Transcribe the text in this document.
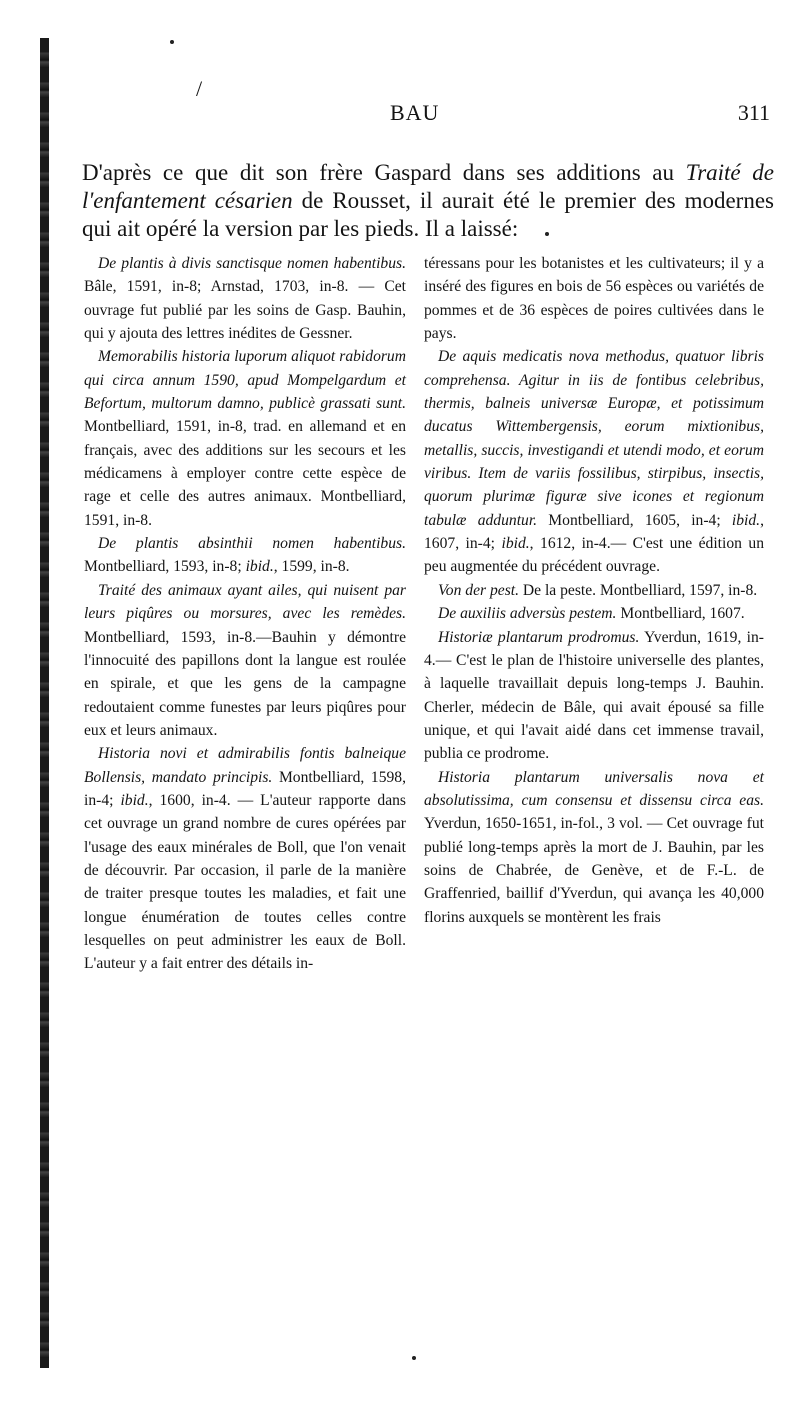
/
BAU	311

D'après ce que dit son frère Gaspard dans ses additions au Traité de l'enfantement césarien de Rousset, il aurait été le premier des modernes qui ait opéré la version par les pieds. Il a laissé:

De plantis à divis sanctisque nomen habentibus. Bâle, 1591, in-8; Arnstad, 1703, in-8. — Cet ouvrage fut publié par les soins de Gasp. Bauhin, qui y ajouta des lettres inédites de Gessner.

Memorabilis historia luporum aliquot rabidorum qui circa annum 1590, apud Mompelgardum et Befortum, multorum damno, publicè grassati sunt. Montbelliard, 1591, in-8, trad. en allemand et en français, avec des additions sur les secours et les médicamens à employer contre cette espèce de rage et celle des autres animaux. Montbelliard, 1591, in-8.

De plantis absinthii nomen habentibus. Montbelliard, 1593, in-8; ibid., 1599, in-8.

Traité des animaux ayant ailes, qui nuisent par leurs piqûres ou morsures, avec les remèdes. Montbelliard, 1593, in-8.—Bauhin y démontre l'innocuité des papillons dont la langue est roulée en spirale, et que les gens de la campagne redoutaient comme funestes par leurs piqûres pour eux et leurs animaux.

Historia novi et admirabilis fontis balneique Bollensis, mandato principis. Montbelliard, 1598, in-4; ibid., 1600, in-4. — L'auteur rapporte dans cet ouvrage un grand nombre de cures opérées par l'usage des eaux minérales de Boll, que l'on venait de découvrir. Par occasion, il parle de la manière de traiter presque toutes les maladies, et fait une longue énumération de toutes celles contre lesquelles on peut administrer les eaux de Boll. L'auteur y a fait entrer des détails in-

téressans pour les botanistes et les cultivateurs; il y a inséré des figures en bois de 56 espèces ou variétés de pommes et de 36 espèces de poires cultivées dans le pays.

De aquis medicatis nova methodus, quatuor libris comprehensa. Agitur in iis de fontibus celebribus, thermis, balneis universæ Europæ, et potissimum ducatus Wittembergensis, eorum mixtionibus, metallis, succis, investigandi et utendi modo, et eorum viribus. Item de variis fossilibus, stirpibus, insectis, quorum plurimæ figuræ sive icones et regionum tabulæ adduntur. Montbelliard, 1605, in-4; ibid., 1607, in-4; ibid., 1612, in-4.— C'est une édition un peu augmentée du précédent ouvrage.

Von der pest. De la peste. Montbelliard, 1597, in-8.

De auxiliis adversùs pestem. Montbelliard, 1607.

Historiæ plantarum prodromus. Yverdun, 1619, in-4.— C'est le plan de l'histoire universelle des plantes, à laquelle travaillait depuis long-temps J. Bauhin. Cherler, médecin de Bâle, qui avait épousé sa fille unique, et qui l'avait aidé dans cet immense travail, publia ce prodrome.

Historia plantarum universalis nova et absolutissima, cum consensu et dissensu circa eas. Yverdun, 1650-1651, in-fol., 3 vol. — Cet ouvrage fut publié long-temps après la mort de J. Bauhin, par les soins de Chabrée, de Genève, et de F.-L. de Graffenried, baillif d'Yverdun, qui avança les 40,000 florins auxquels se montèrent les frais
